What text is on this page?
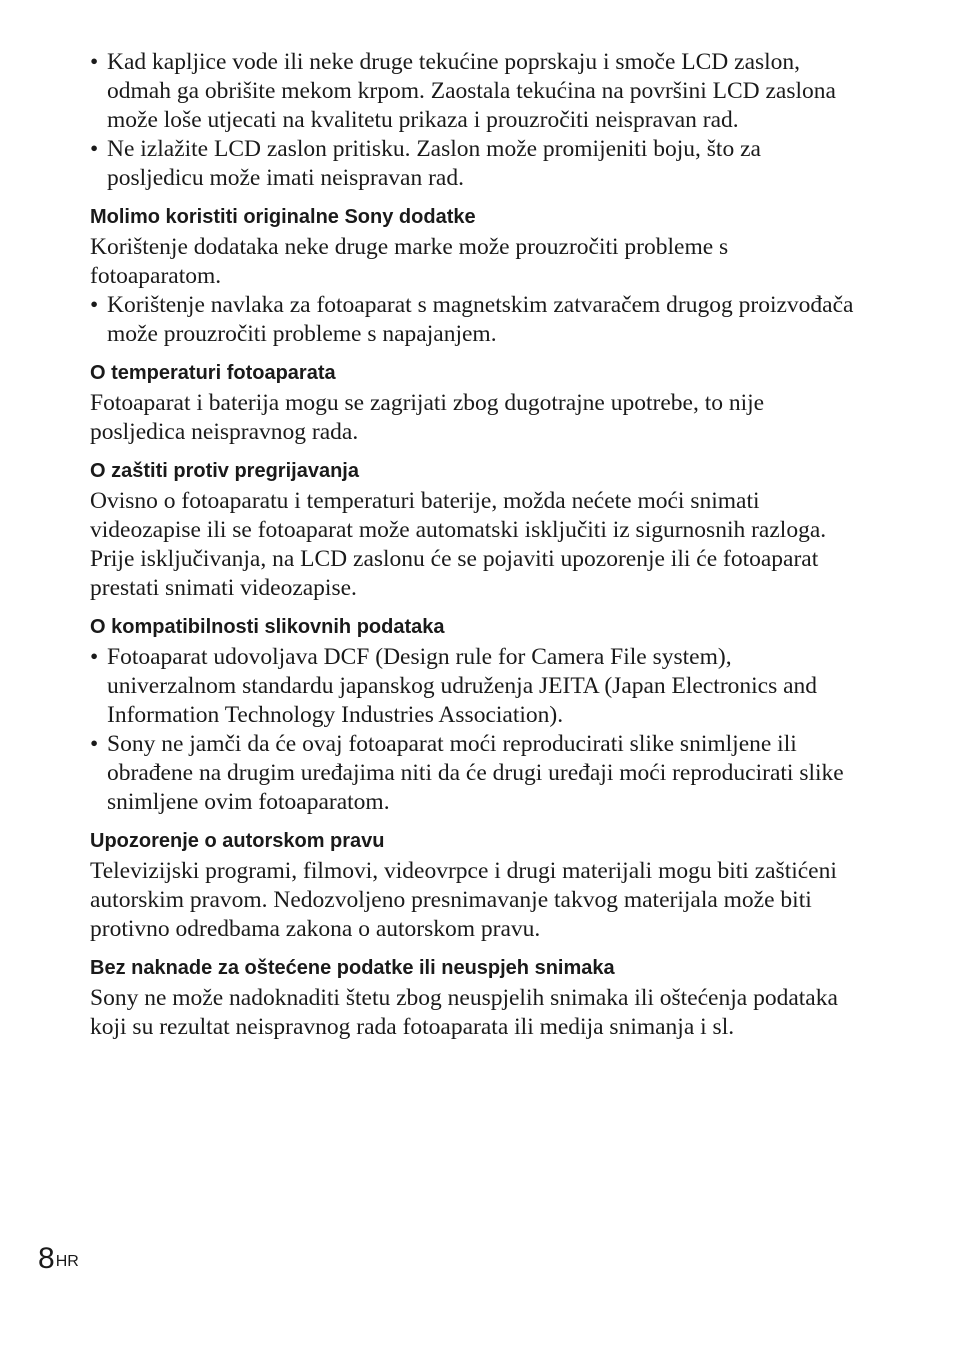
• Kad kapljice vode ili neke druge tekućine poprskaju i smoče LCD zaslon, odmah ga obrišite mekom krpom. Zaostala tekućina na površini LCD zaslona može loše utjecati na kvalitetu prikaza i prouzročiti neispravan rad.

• Ne izlažite LCD zaslon pritisku. Zaslon može promijeniti boju, što za posljedicu može imati neispravan rad.

Molimo koristiti originalne Sony dodatke

Korištenje dodataka neke druge marke može prouzročiti probleme s fotoaparatom.

• Korištenje navlaka za fotoaparat s magnetskim zatvaračem drugog proizvođača može prouzročiti probleme s napajanjem.

O temperaturi fotoaparata

Fotoaparat i baterija mogu se zagrijati zbog dugotrajne upotrebe, to nije posljedica neispravnog rada.

O zaštiti protiv pregrijavanja

Ovisno o fotoaparatu i temperaturi baterije, možda nećete moći snimati videozapise ili se fotoaparat može automatski isključiti iz sigurnosnih razloga. Prije isključivanja, na LCD zaslonu će se pojaviti upozorenje ili će fotoaparat prestati snimati videozapise.

O kompatibilnosti slikovnih podataka

• Fotoaparat udovoljava DCF (Design rule for Camera File system), univerzalnom standardu japanskog udruženja JEITA (Japan Electronics and Information Technology Industries Association).

• Sony ne jamči da će ovaj fotoaparat moći reproducirati slike snimljene ili obrađene na drugim uređajima niti da će drugi uređaji moći reproducirati slike snimljene ovim fotoaparatom.

Upozorenje o autorskom pravu

Televizijski programi, filmovi, videovrpce i drugi materijali mogu biti zaštićeni autorskim pravom. Nedozvoljeno presnimavanje takvog materijala može biti protivno odredbama zakona o autorskom pravu.

Bez naknade za oštećene podatke ili neuspjeh snimaka

Sony ne može nadoknaditi štetu zbog neuspjelih snimaka ili oštećenja podataka koji su rezultat neispravnog rada fotoaparata ili medija snimanja i sl.

$8^{HR}$
